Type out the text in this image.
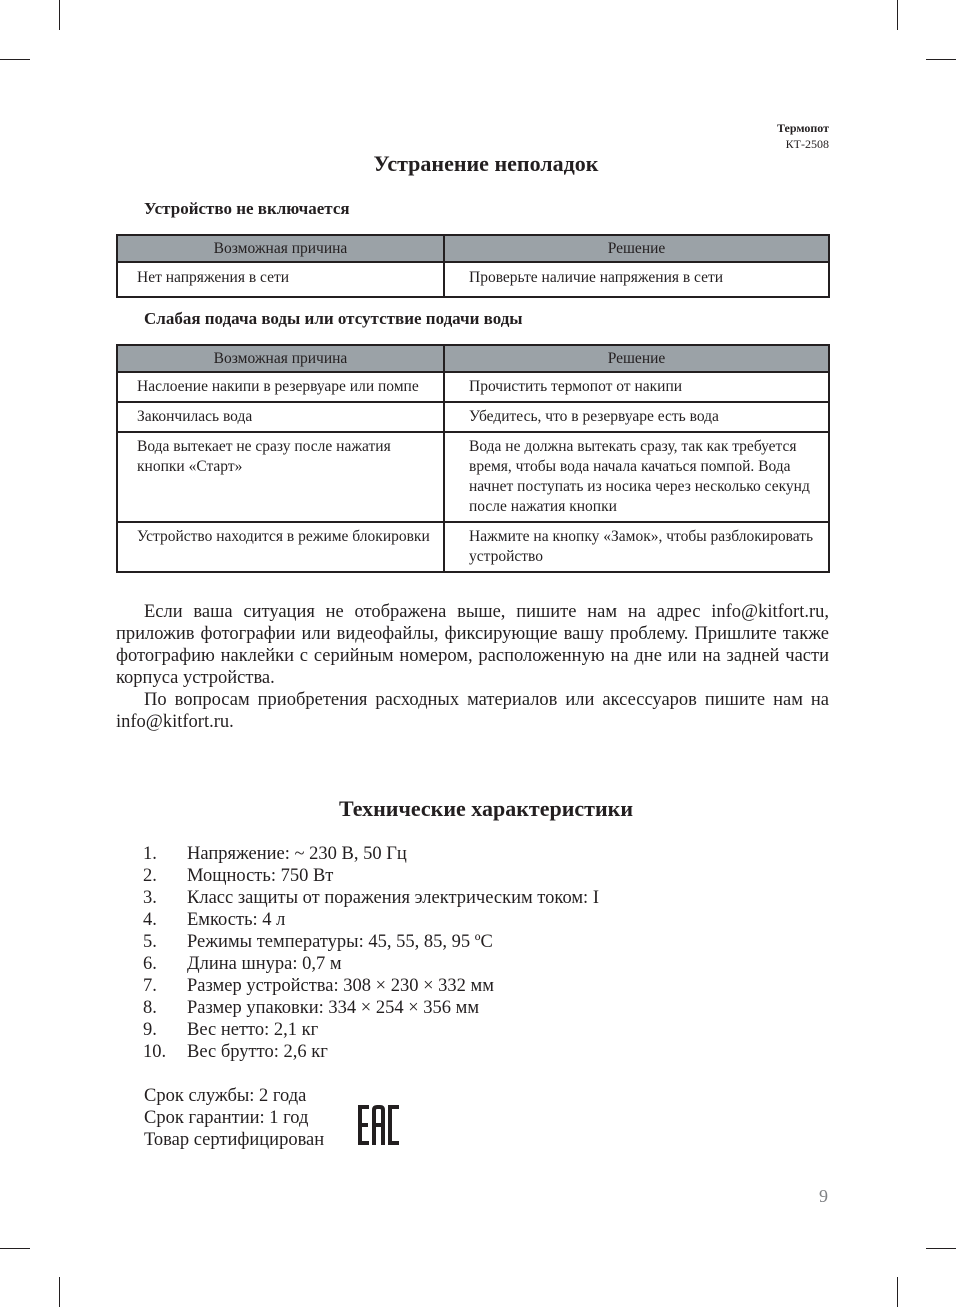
Термопот
КТ-2508
Устранение неполадок
Устройство не включается
Возможная причина	Решение
Нет напряжения в сети	Проверьте наличие напряжения в сети
Слабая подача воды или отсутствие подачи воды
Возможная причина	Решение
Наслоение накипи в резервуаре или помпе	Прочистить термопот от накипи
Закончилась вода	Убедитесь, что в резервуаре есть вода
Вода вытекает не сразу после нажатия кнопки «Старт»	Вода не должна вытекать сразу, так как требуется время, чтобы вода начала качаться помпой. Вода начнет поступать из носика через несколько секунд после нажатия кнопки
Устройство находится в режиме блокировки	Нажмите на кнопку «Замок», чтобы разблокировать устройство

Если ваша ситуация не отображена выше, пишите нам на адрес info@kitfort.ru, приложив фотографии или видеофайлы, фиксирующие вашу проблему. Пришлите также фотографию наклейки с серийным номером, расположенную на дне или на задней части корпуса устройства.

По вопросам приобретения расходных материалов или аксессуаров пишите нам на info@kitfort.ru.

Технические характеристики
1.	Напряжение: ~ 230 В, 50 Гц
2.	Мощность: 750 Вт
3.	Класс защиты от поражения электрическим током: I
4.	Емкость: 4 л
5.	Режимы температуры: 45, 55, 85, 95 ºС
6.	Длина шнура: 0,7 м
7.	Размер устройства: 308 × 230 × 332 мм
8.	Размер упаковки: 334 × 254 × 356 мм
9.	Вес нетто: 2,1 кг
10.	Вес брутто: 2,6 кг
Срок службы: 2 года
Срок гарантии: 1 год
Товар сертифицирован
9
